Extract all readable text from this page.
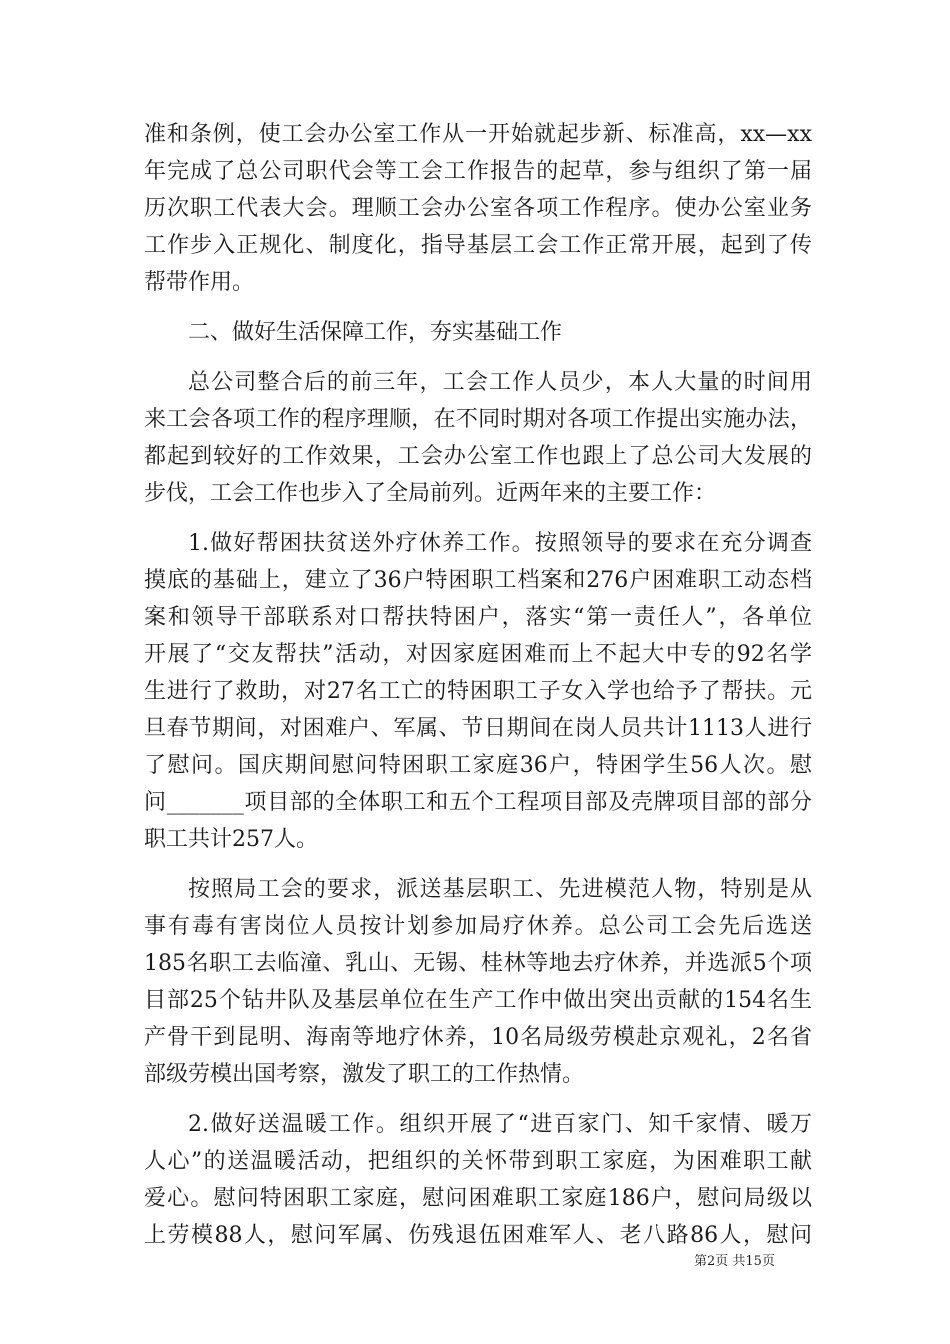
准和条例，使工会办公室工作从一开始就起步新、标准高，xx—xx
年完成了总公司职代会等工会工作报告的起草，参与组织了第一届
历次职工代表大会。理顺工会办公室各项工作程序。使办公室业务
工作步入正规化、制度化，指导基层工会工作正常开展，起到了传
帮带作用。
二、做好生活保障工作，夯实基础工作
总公司整合后的前三年，工会工作人员少，本人大量的时间用
来工会各项工作的程序理顺，在不同时期对各项工作提出实施办法，
都起到较好的工作效果，工会办公室工作也跟上了总公司大发展的
步伐，工会工作也步入了全局前列。近两年来的主要工作：
1.做好帮困扶贫送外疗休养工作。按照领导的要求在充分调查
摸底的基础上，建立了36户特困职工档案和276户困难职工动态档
案和领导干部联系对口帮扶特困户，落实“第一责任人”，各单位
开展了“交友帮扶”活动，对因家庭困难而上不起大中专的92名学
生进行了救助，对27名工亡的特困职工子女入学也给予了帮扶。元
旦春节期间，对困难户、军属、节日期间在岗人员共计1113人进行
了慰问。国庆期间慰问特困职工家庭36户，特困学生56人次。慰
问_______项目部的全体职工和五个工程项目部及壳牌项目部的部分
职工共计257人。
按照局工会的要求，派送基层职工、先进模范人物，特别是从
事有毒有害岗位人员按计划参加局疗休养。总公司工会先后选送
185名职工去临潼、乳山、无锡、桂林等地去疗休养，并选派5个项
目部25个钻井队及基层单位在生产工作中做出突出贡献的154名生
产骨干到昆明、海南等地疗休养，10名局级劳模赴京观礼，2名省
部级劳模出国考察，激发了职工的工作热情。
2.做好送温暖工作。组织开展了“进百家门、知千家情、暖万
人心”的送温暖活动，把组织的关怀带到职工家庭，为困难职工献
爱心。慰问特困职工家庭，慰问困难职工家庭186户，慰问局级以
上劳模88人，慰问军属、伤残退伍困难军人、老八路86人，慰问
第2页 共15页
